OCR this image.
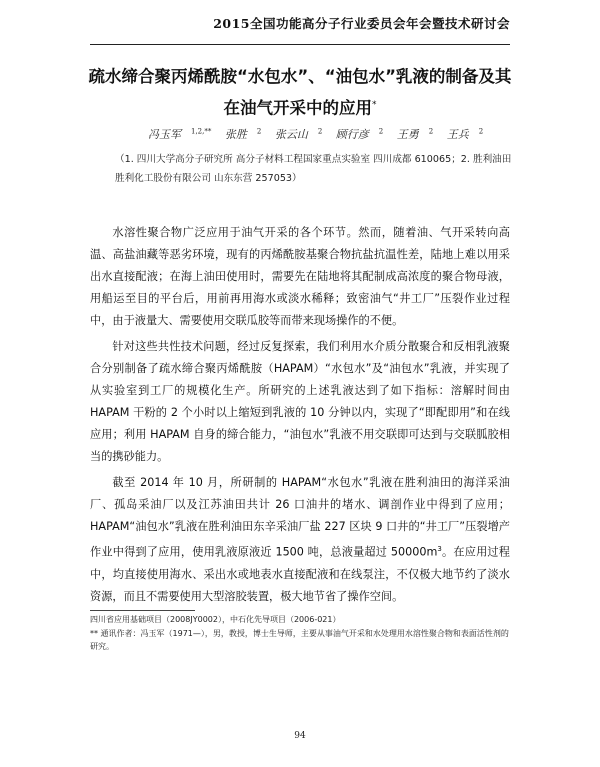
2015全国功能高分子行业委员会年会暨技术研讨会
疏水缔合聚丙烯酰胺“水包水”、“油包水”乳液的制备及其
在油气开采中的应用*
冯玉军 $^{1,2,**}$ 张胜 $^2$ 张云山 $^2$ 顾行彦 $^2$ 王勇 $^2$ 王兵 $^2$
（1. 四川大学高分子研究所 高分子材料工程国家重点实验室 四川成都 610065；2. 胜利油田胜利化工股份有限公司 山东东营 257053）

水溶性聚合物广泛应用于油气开采的各个环节。然而，随着油、气开采转向高温、高盐油藏等恶劣环境，现有的丙烯酰胺基聚合物抗盐抗温性差，陆地上难以用采出水直接配液；在海上油田使用时，需要先在陆地将其配制成高浓度的聚合物母液，用船运至目的平台后，用前再用海水或淡水稀释；致密油气“井工厂”压裂作业过程中，由于液量大、需要使用交联瓜胶等而带来现场操作的不便。

针对这些共性技术问题，经过反复探索，我们利用水介质分散聚合和反相乳液聚合分别制备了疏水缔合聚丙烯酰胺（HAPAM）“水包水”及“油包水”乳液，并实现了从实验室到工厂的规模化生产。所研究的上述乳液达到了如下指标：溶解时间由 HAPAM 干粉的 2 个小时以上缩短到乳液的 10 分钟以内，实现了“即配即用”和在线应用；利用 HAPAM 自身的缔合能力，“油包水”乳液不用交联即可达到与交联胍胶相当的携砂能力。

截至 2014 年 10 月，所研制的 HAPAM“水包水”乳液在胜利油田的海洋采油厂、孤岛采油厂以及江苏油田共计 26 口油井的堵水、调剖作业中得到了应用；HAPAM“油包水”乳液在胜利油田东辛采油厂盐 227 区块 9 口井的“井工厂”压裂增产作业中得到了应用，使用乳液原液近 1500 吨，总液量超过 $50000m^3$。在应用过程中，均直接使用海水、采出水或地表水直接配液和在线泵注，不仅极大地节约了淡水资源，而且不需要使用大型溶胶装置，极大地节省了操作空间。

四川省应用基础项目（2008JY0002），中石化先导项目（2006-021）
** 通讯作者：冯玉军（1971—），男，教授，博士生导师，主要从事油气开采和水处理用水溶性聚合物和表面活性剂的研究。
94
